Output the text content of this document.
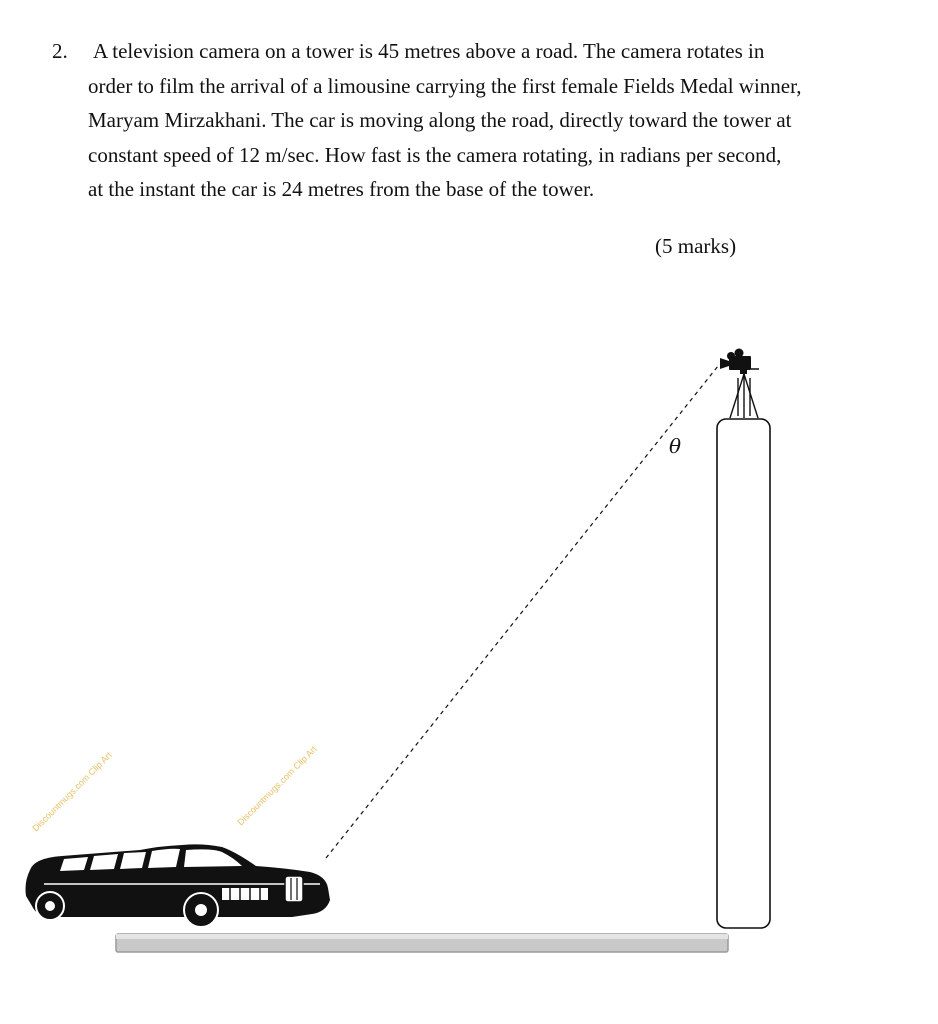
2. A television camera on a tower is 45 metres above a road. The camera rotates in
order to film the arrival of a limousine carrying the first female Fields Medal winner,
Maryam Mirzakhani. The car is moving along the road, directly toward the tower at
constant speed of 12 m/sec. How fast is the camera rotating, in radians per second,
at the instant the car is 24 metres from the base of the tower.
(5 marks)
θ
Discountmugs.com Clip Art	Discountmugs.com Clip Art
